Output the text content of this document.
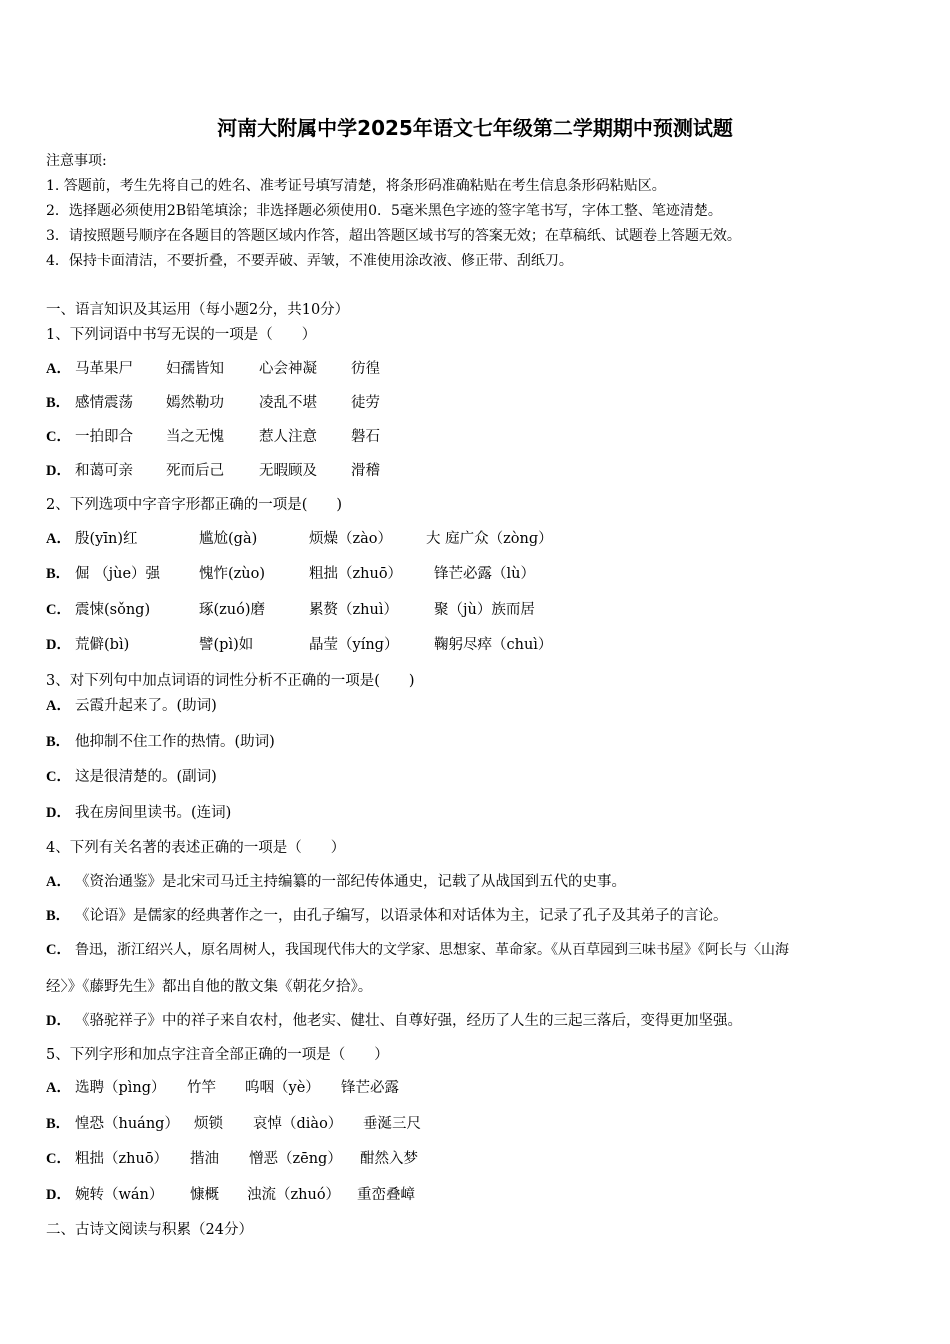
河南大附属中学2025年语文七年级第二学期期中预测试题
注意事项:
1. 答题前，考生先将自己的姓名、准考证号填写清楚，将条形码准确粘贴在考生信息条形码粘贴区。
2．选择题必须使用2B铅笔填涂；非选择题必须使用0．5毫米黑色字迹的签字笔书写，字体工整、笔迹清楚。
3．请按照题号顺序在各题目的答题区域内作答，超出答题区域书写的答案无效；在草稿纸、试题卷上答题无效。
4．保持卡面清洁，不要折叠，不要弄破、弄皱，不准使用涂改液、修正带、刮纸刀。
一、语言知识及其运用（每小题2分，共10分）
1、下列词语中书写无误的一项是（　　）
A． 马革果尸 妇孺皆知 心会神凝 彷徨
B． 感情震荡 嫣然勒功 凌乱不堪 徒劳
C． 一拍即合 当之无愧 惹人注意 磐石
D． 和蔼可亲 死而后己 无暇顾及 滑稽
2、下列选项中字音字形都正确的一项是(　　)
A． 殷(yīn)红	尴尬(gà)	烦燥（zào） 大 庭广众（zònɡ）
B． 倔 （jùe）强	愧怍(zùo)	粗拙（zhuō） 锋芒必露（lù）
C． 震悚(sǒng)	琢(zuó)磨	累赘（zhuì） 聚（jù）族而居
D． 荒僻(bì)	譬(pì)如	晶莹（yínɡ） 鞠躬尽瘁（chuì）
3、对下列句中加点词语的词性分析不正确的一项是(　　)
A． 云霞升起来了。(助词)
B． 他抑制不住工作的热情。(助词)
C． 这是很清楚的。(副词)
D． 我在房间里读书。(连词)
4、下列有关名著的表述正确的一项是（　　）
A． 《资治通鉴》是北宋司马迁主持编纂的一部纪传体通史，记载了从战国到五代的史事。
B． 《论语》是儒家的经典著作之一，由孔子编写，以语录体和对话体为主，记录了孔子及其弟子的言论。
C． 鲁迅，浙江绍兴人，原名周树人，我国现代伟大的文学家、思想家、革命家。《从百草园到三味书屋》《阿长与〈山海
经〉》《藤野先生》都出自他的散文集《朝花夕拾》。
D． 《骆驼祥子》中的祥子来自农村，他老实、健壮、自尊好强，经历了人生的三起三落后，变得更加坚强。
5、下列字形和加点字注音全部正确的一项是（　　）
A． 选聘（pìng） 竹竿 呜咽（yè） 锋芒必露
B． 惶恐（huáng） 烦锁 哀悼（diào） 垂涎三尺
C． 粗拙（zhuō） 揩油 憎恶（zēng） 酣然入梦
D． 婉转（wán） 慷概 浊流（zhuó） 重峦叠嶂
二、古诗文阅读与积累（24分）
